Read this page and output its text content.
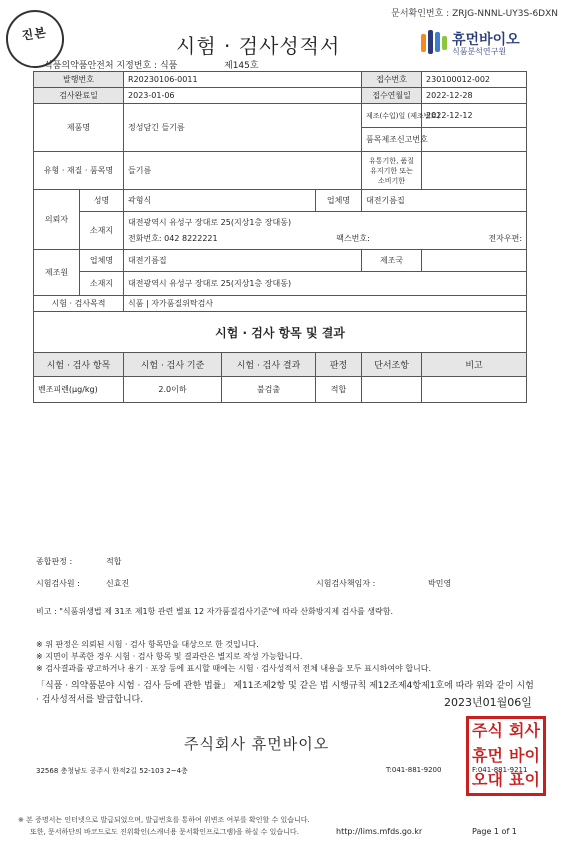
문서확인번호 : ZRJG-NNNL-UY3S-6DXN
진본	시험 · 검사성적서	휴먼바이오
식품분석연구원
식품의약품안전처 지정번호 : 식품	제145호
발행번호		R20230106-0011			접수번호	230100012-002
검사완료일		2023-01-06			접수연월일	2022-12-28
제품명		정성담긴 들기름			제조(수입)일 (제조번호)	2022-12-12
					품목제조신고번호	
유형 · 재질 · 품목명		들기름			유통기한, 품질유지기한 또는 소비기한	
의뢰자	성명	곽형식		업체명	대전기름집	
	소재지	대전광역시 유성구 장대로 25(지상1층 장대동)
전화번호: 042 8222221 팩스번호: 전자우편:				

제조원	업체명	대전기름집			제조국	
	소재지	대전광역시 유성구 장대로 25(지상1층 장대동)				
시험 · 검사목적		식품 | 자가품질위탁검사				
시험 · 검사 항목 및 결과						
시험 · 검사 항목		시험 · 검사 기준	시험 · 검사 결과	판정	단서조항	비고
벤조피렌(μg/kg)		2.0이하	불검출	적합		
종합판정 :	적합
시험검사원 :	신효진	시험검사책임자 :	박민영
비고 : "식품위생법 제 31조 제1항 관련 별표 12 자가품질검사기준"에 따라 산화방지제 검사를 생략함.
※ 위 판정은 의뢰된 시험 · 검사 항목만을 대상으로 한 것입니다.
※ 지면이 부족한 경우 시험 · 검사 항목 및 결과란은 별지로 작성 가능합니다.
※ 검사결과를 광고하거나 용기 · 포장 등에 표시할 때에는 시험 · 검사성적서 전체 내용을 모두 표시하여야 합니다.
「식품 · 의약품분야 시험 · 검사 등에 관한 법률」 제11조제2항 및 같은 법 시행규칙 제12조제4항제1호에 따라 위와 같이 시험 · 검사성적서를 발급합니다.	2023년01월06일
주식회사 휴먼바이오
32568 충청남도 공주시 한적2길 52-103 2~4층	T:041-881-9200	F:041-881-9211
주식 회사
휴먼 바이
오대 표이
※ 본 증명서는 인터넷으로 발급되었으며, 발급번호를 통하여 위변조 여부를 확인할 수 있습니다.
또한, 문서하단의 바코드로도 진위확인(스캐너용 문서확인프로그램)을 하실 수 있습니다.	http://lims.mfds.go.kr	Page 1 of 1
